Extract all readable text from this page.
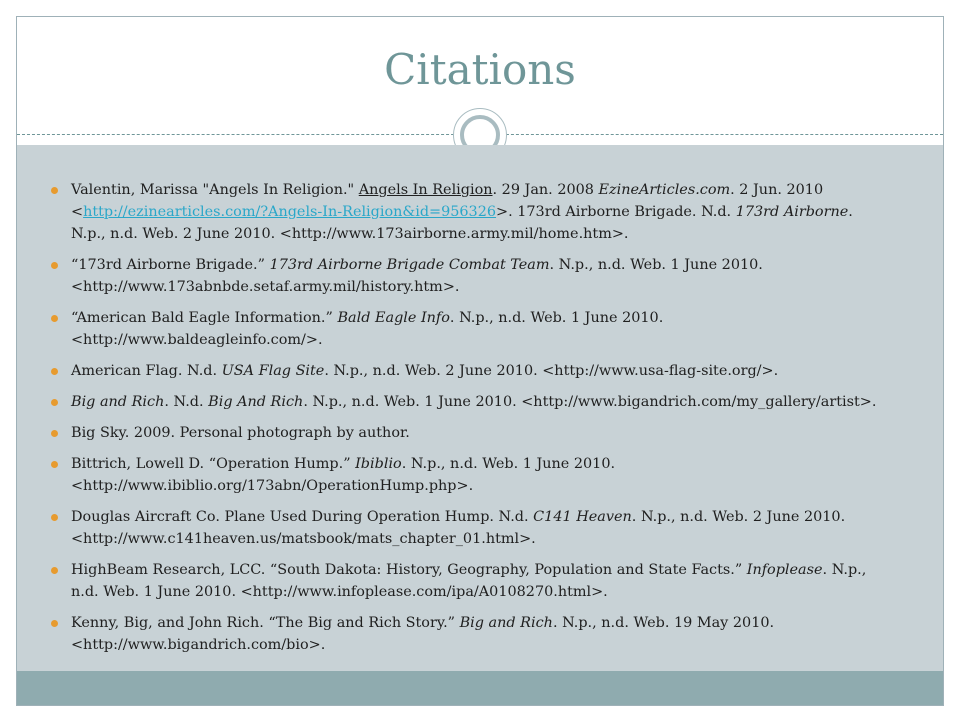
Citations
Valentin, Marissa "Angels In Religion." Angels In Religion. 29 Jan. 2008 EzineArticles.com. 2 Jun. 2010 <http://ezinearticles.com/?Angels-In-Religion&id=956326>. 173rd Airborne Brigade. N.d. 173rd Airborne. N.p., n.d. Web. 2 June 2010. <http://www.173airborne.army.mil/home.htm>.
“173rd Airborne Brigade.” 173rd Airborne Brigade Combat Team. N.p., n.d. Web. 1 June 2010. <http://www.173abnbde.setaf.army.mil/history.htm>.
“American Bald Eagle Information.” Bald Eagle Info. N.p., n.d. Web. 1 June 2010. <http://www.baldeagleinfo.com/>.
American Flag. N.d. USA Flag Site. N.p., n.d. Web. 2 June 2010. <http://www.usa-flag-site.org/>.
Big and Rich. N.d. Big And Rich. N.p., n.d. Web. 1 June 2010. <http://www.bigandrich.com/my_gallery/artist>.
Big Sky. 2009. Personal photograph by author.
Bittrich, Lowell D. “Operation Hump.” Ibiblio. N.p., n.d. Web. 1 June 2010. <http://www.ibiblio.org/173abn/OperationHump.php>.
Douglas Aircraft Co. Plane Used During Operation Hump. N.d. C141 Heaven. N.p., n.d. Web. 2 June 2010. <http://www.c141heaven.us/matsbook/mats_chapter_01.html>.
HighBeam Research, LCC. “South Dakota: History, Geography, Population and State Facts.” Infoplease. N.p., n.d. Web. 1 June 2010. <http://www.infoplease.com/ipa/A0108270.html>.
Kenny, Big, and John Rich. “The Big and Rich Story.” Big and Rich. N.p., n.d. Web. 19 May 2010. <http://www.bigandrich.com/bio>.
